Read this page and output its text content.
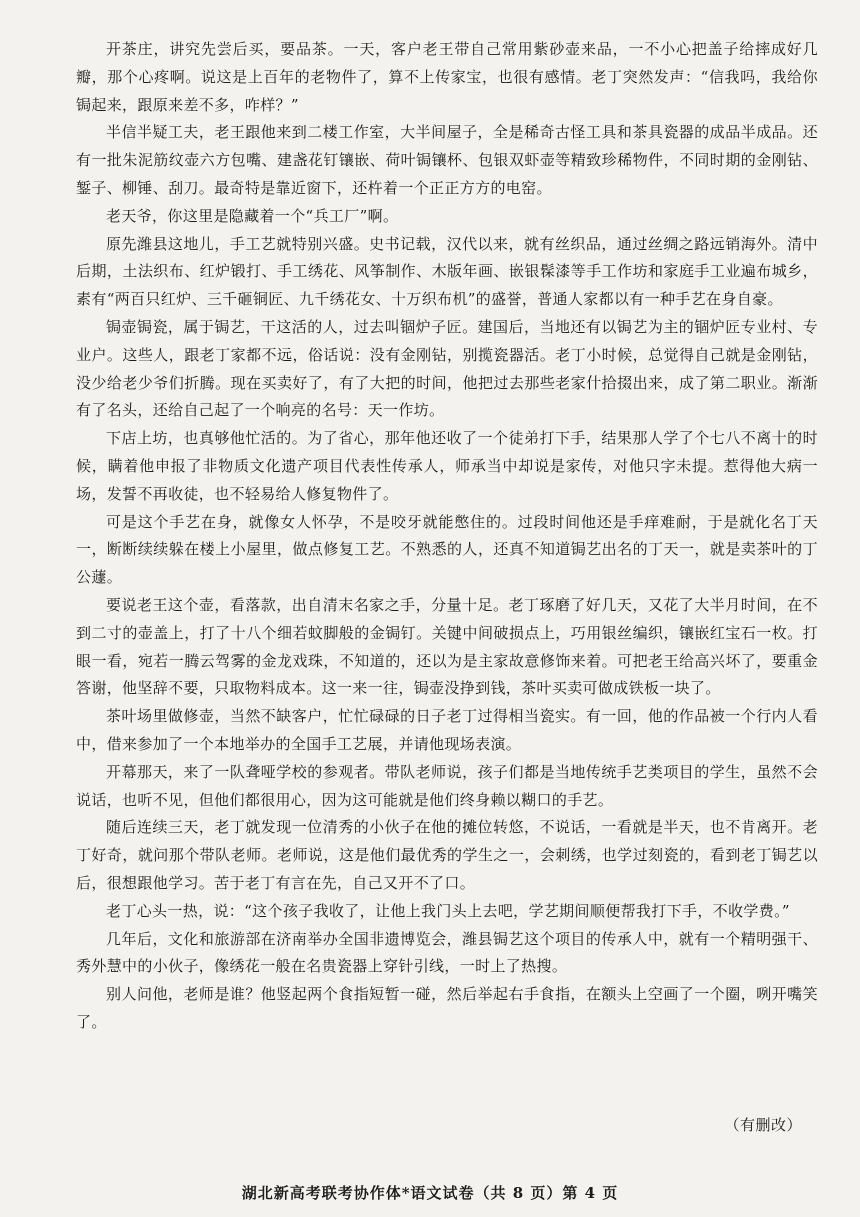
开茶庄，讲究先尝后买，要品茶。一天，客户老王带自己常用紫砂壶来品，一不小心把盖子给摔成好几瓣，那个心疼啊。说这是上百年的老物件了，算不上传家宝，也很有感情。老丁突然发声：“信我吗，我给你锔起来，跟原来差不多，咋样？”

半信半疑工夫，老王跟他来到二楼工作室，大半间屋子，全是稀奇古怪工具和茶具瓷器的成品半成品。还有一批朱泥筋纹壶六方包嘴、建盏花钉镶嵌、荷叶锔镶杯、包银双虾壶等精致珍稀物件，不同时期的金刚钻、錾子、柳锤、刮刀。最奇特是靠近窗下，还杵着一个正正方方的电窑。

老天爷，你这里是隐藏着一个“兵工厂”啊。

原先潍县这地儿，手工艺就特别兴盛。史书记载，汉代以来，就有丝织品，通过丝绸之路远销海外。清中后期，土法织布、红炉锻打、手工绣花、风筝制作、木版年画、嵌银髹漆等手工作坊和家庭手工业遍布城乡，素有“两百只红炉、三千砸铜匠、九千绣花女、十万织布机”的盛誉，普通人家都以有一种手艺在身自豪。

锔壶锔瓷，属于锔艺，干这活的人，过去叫锢炉子匠。建国后，当地还有以锔艺为主的锢炉匠专业村、专业户。这些人，跟老丁家都不远，俗话说：没有金刚钻，别揽瓷器活。老丁小时候，总觉得自己就是金刚钻，没少给老少爷们折腾。现在买卖好了，有了大把的时间，他把过去那些老家什拾掇出来，成了第二职业。渐渐有了名头，还给自己起了一个响亮的名号：天一作坊。

下店上坊，也真够他忙活的。为了省心，那年他还收了一个徒弟打下手，结果那人学了个七八不离十的时候，瞒着他申报了非物质文化遗产项目代表性传承人，师承当中却说是家传，对他只字未提。惹得他大病一场，发誓不再收徒，也不轻易给人修复物件了。

可是这个手艺在身，就像女人怀孕，不是咬牙就能憋住的。过段时间他还是手痒难耐，于是就化名丁天一，断断续续躲在楼上小屋里，做点修复工艺。不熟悉的人，还真不知道锔艺出名的丁天一，就是卖茶叶的丁公蘧。

要说老王这个壶，看落款，出自清末名家之手，分量十足。老丁琢磨了好几天，又花了大半月时间，在不到二寸的壶盖上，打了十八个细若蚊脚般的金锔钉。关键中间破损点上，巧用银丝编织，镶嵌红宝石一枚。打眼一看，宛若一腾云驾雾的金龙戏珠，不知道的，还以为是主家故意修饰来着。可把老王给高兴坏了，要重金答谢，他坚辞不要，只取物料成本。这一来一往，锔壶没挣到钱，茶叶买卖可做成铁板一块了。

茶叶场里做修壶，当然不缺客户，忙忙碌碌的日子老丁过得相当瓷实。有一回，他的作品被一个行内人看中，借来参加了一个本地举办的全国手工艺展，并请他现场表演。

开幕那天，来了一队聋哑学校的参观者。带队老师说，孩子们都是当地传统手艺类项目的学生，虽然不会说话，也听不见，但他们都很用心，因为这可能就是他们终身赖以糊口的手艺。

随后连续三天，老丁就发现一位清秀的小伙子在他的摊位转悠，不说话，一看就是半天，也不肯离开。老丁好奇，就问那个带队老师。老师说，这是他们最优秀的学生之一，会刺绣，也学过刻瓷的，看到老丁锔艺以后，很想跟他学习。苦于老丁有言在先，自己又开不了口。

老丁心头一热，说：“这个孩子我收了，让他上我门头上去吧，学艺期间顺便帮我打下手，不收学费。”

几年后，文化和旅游部在济南举办全国非遗博览会，潍县锔艺这个项目的传承人中，就有一个精明强干、秀外慧中的小伙子，像绣花一般在名贵瓷器上穿针引线，一时上了热搜。

别人问他，老师是谁？他竖起两个食指短暂一碰，然后举起右手食指，在额头上空画了一个圈，咧开嘴笑了。

（有删改）
湖北新高考联考协作体*语文试卷（共 8 页）第 4 页
